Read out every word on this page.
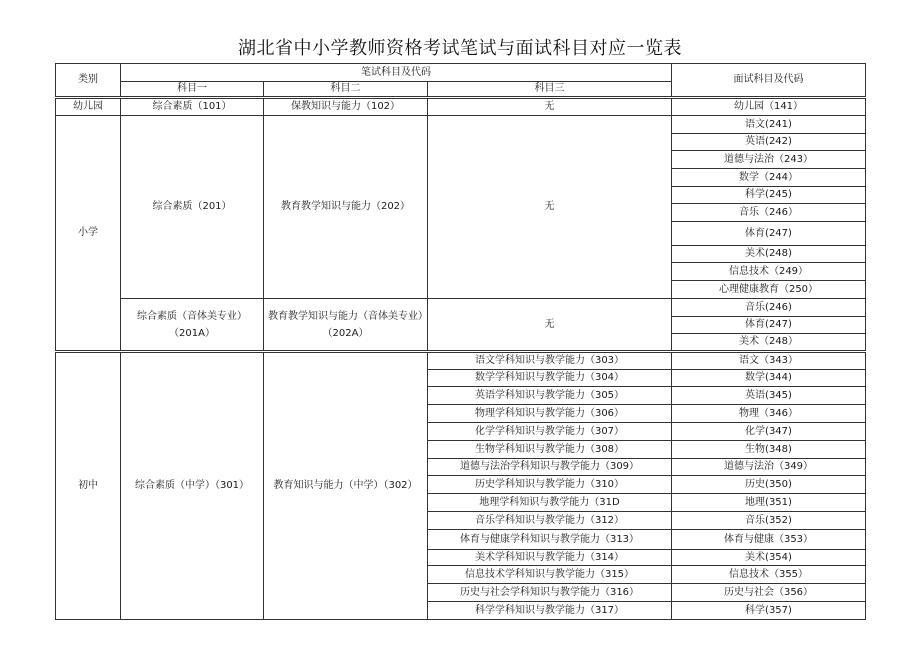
湖北省中小学教师资格考试笔试与面试科目对应一览表
类别	笔试科目及代码			面试科目及代码
	科目一	科目二	科目三	
幼儿园	综合素质（101）	保教知识与能力（102）	无	幼儿园（141）
小学	综合素质（201）	教育教学知识与能力（202）	无	语文(241)
				英语(242)
				道德与法治（243）
				数学（244）
				科学(245)
				音乐（246）
				体育(247)
				美术(248)
				信息技术（249）
				心理健康教育（250）
	综合素质（音体美专业）（201A）	教育教学知识与能力（音体美专业）（202A）	无	音乐(246)
				体育(247)
				美术（248）
初中	综合素质（中学）（301）	教育知识与能力（中学）（302）	语文学科知识与教学能力（303）	语文（343）
			数学学科知识与教学能力（304）	数学(344)
			英语学科知识与教学能力（305）	英语(345)
			物理学科知识与教学能力（306）	物理（346）
			化学学科知识与教学能力（307）	化学(347)
			生物学科知识与教学能力（308）	生物(348)
			道德与法治学科知识与教学能力（309）	道德与法治（349）
			历史学科知识与教学能力（310）	历史(350)
			地理学科知识与教学能力（31D	地理(351)
			音乐学科知识与教学能力（312）	音乐(352)
			体育与健康学科知识与教学能力（313）	体育与健康（353）
			美术学科知识与教学能力（314）	美术(354)
			信息技术学科知识与教学能力（315）	信息技术（355）
			历史与社会学科知识与教学能力（316）	历史与社会（356）
			科学学科知识与教学能力（317）	科学(357)
